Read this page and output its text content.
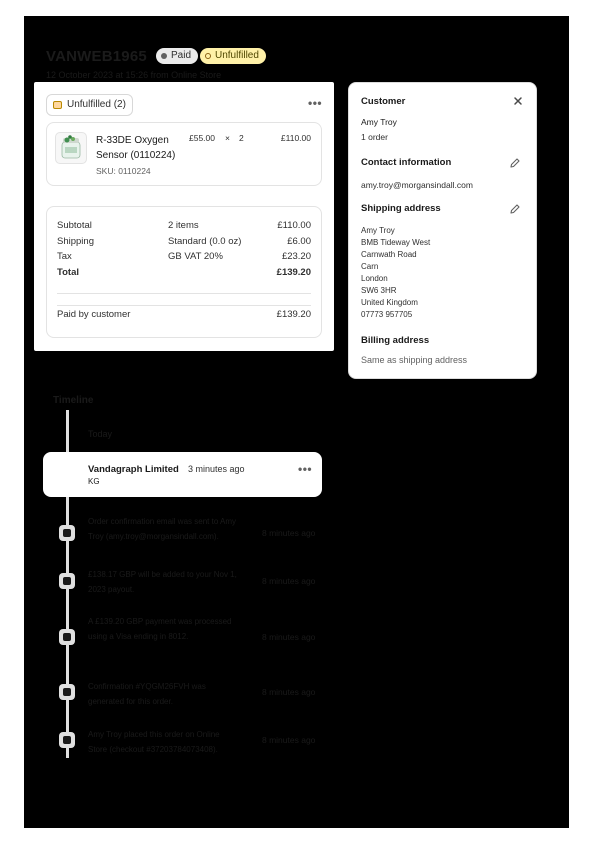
VANWEB1965 Paid Unfulfilled
12 October 2023 at 15:26 from Online Store
Unfulfilled (2)	•••
R-33DE Oxygen Sensor (0110224)
SKU: 0110224
£55.00 × 2	£110.00
Subtotal	2 items	£110.00
Shipping	Standard (0.0 oz)	£6.00
Tax	GB VAT 20%	£23.20
Total	£139.20
Paid by customer	£139.20
Customer
Amy Troy
1 order
Contact information
amy.troy@morgansindall.com
Shipping address
Amy Troy
BMB Tideway West
Carnwath Road
Carn
London
SW6 3HR
United Kingdom
07773 957705
Billing address
Same as shipping address
Timeline
Today
Vandagraph Limited 3 minutes ago
KG
•••
Order confirmation email was sent to Amy Troy (amy.troy@morgansindall.com).	8 minutes ago
£138.17 GBP will be added to your Nov 1, 2023 payout.
8 minutes ago
A £139.20 GBP payment was processed using a Visa ending in 8012.	8 minutes ago
Confirmation #YQGM26FVH was generated for this order.
8 minutes ago
Amy Troy placed this order on Online Store (checkout #37203784073408).
8 minutes ago
